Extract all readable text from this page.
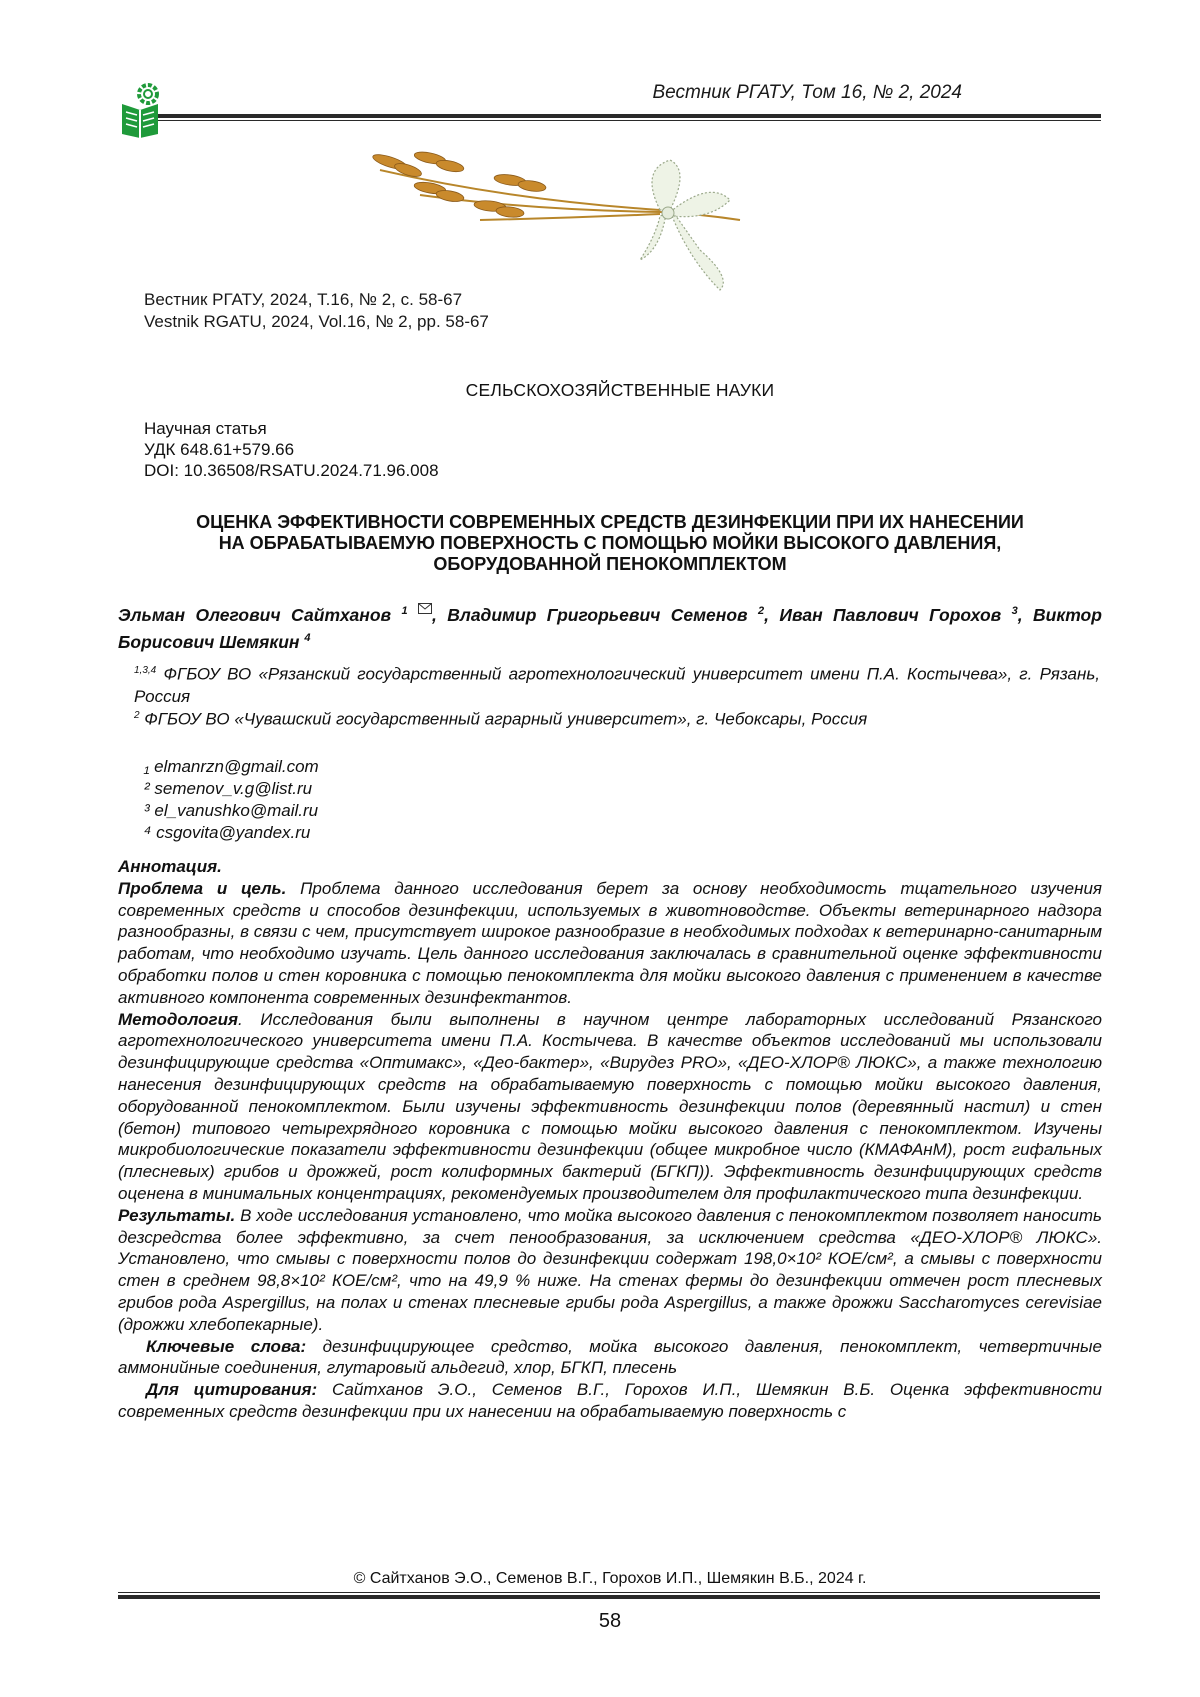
Вестник РГАТУ, Том 16, № 2, 2024
Вестник РГАТУ, 2024, Т.16, № 2, с. 58-67
Vestnik RGATU, 2024, Vol.16, № 2, pp. 58-67
СЕЛЬСКОХОЗЯЙСТВЕННЫЕ НАУКИ
Научная статья
УДК 648.61+579.66
DOI: 10.36508/RSATU.2024.71.96.008
ОЦЕНКА ЭФФЕКТИВНОСТИ СОВРЕМЕННЫХ СРЕДСТВ ДЕЗИНФЕКЦИИ ПРИ ИХ НАНЕСЕНИИ
НА ОБРАБАТЫВАЕМУЮ ПОВЕРХНОСТЬ С ПОМОЩЬЮ МОЙКИ ВЫСОКОГО ДАВЛЕНИЯ,
ОБОРУДОВАННОЙ ПЕНОКОМПЛЕКТОМ
Эльман Олегович Сайтханов $^1$ , Владимир Григорьевич Семенов $^2$, Иван Павлович Горохов $^3$, Виктор Борисович Шемякин $^4$
$^{1,3,4}$ ФГБОУ ВО «Рязанский государственный агротехнологический университет имени П.А. Костычева», г. Рязань, Россия
$^2$ ФГБОУ ВО «Чувашский государственный аграрный университет», г. Чебоксары, Россия
₁ elmanrzn@gmail.com
² semenov_v.g@list.ru
³ el_vanushko@mail.ru
⁴ csgovita@yandex.ru
Аннотация.
Проблема и цель. Проблема данного исследования берет за основу необходимость тщательного изучения современных средств и способов дезинфекции, используемых в животноводстве. Объекты ветеринарного надзора разнообразны, в связи с чем, присутствует широкое разнообразие в необходимых подходах к ветеринарно-санитарным работам, что необходимо изучать. Цель данного исследования заключалась в сравнительной оценке эффективности обработки полов и стен коровника с помощью пенокомплекта для мойки высокого давления с применением в качестве активного компонента современных дезинфектантов.
Методология. Исследования были выполнены в научном центре лабораторных исследований Рязанского агротехнологического университета имени П.А. Костычева. В качестве объектов исследований мы использовали дезинфицирующие средства «Оптимакс», «Део-бактер», «Вирудез PRO», «ДЕО-ХЛОР® ЛЮКС», а также технологию нанесения дезинфицирующих средств на обрабатываемую поверхность с помощью мойки высокого давления, оборудованной пенокомплектом. Были изучены эффективность дезинфекции полов (деревянный настил) и стен (бетон) типового четырехрядного коровника с помощью мойки высокого давления с пенокомплектом. Изучены микробиологические показатели эффективности дезинфекции (общее микробное число (КМАФАнМ), рост гифальных (плесневых) грибов и дрожжей, рост колиформных бактерий (БГКП)). Эффективность дезинфицирующих средств оценена в минимальных концентрациях, рекомендуемых производителем для профилактического типа дезинфекции.
Результаты. В ходе исследования установлено, что мойка высокого давления с пенокомплектом позволяет наносить дезсредства более эффективно, за счет пенообразования, за исключением средства «ДЕО-ХЛОР® ЛЮКС». Установлено, что смывы с поверхности полов до дезинфекции содержат 198,0×10² КОЕ/см², а смывы с поверхности стен в среднем 98,8×10² КОЕ/см², что на 49,9 % ниже. На стенах фермы до дезинфекции отмечен рост плесневых грибов рода Aspergillus, на полах и стенах плесневые грибы рода Aspergillus, а также дрожжи Saccharomyces cerevisiae (дрожжи хлебопекарные).
Ключевые слова: дезинфицирующее средство, мойка высокого давления, пенокомплект, четвертичные аммонийные соединения, глутаровый альдегид, хлор, БГКП, плесень
Для цитирования: Сайтханов Э.О., Семенов В.Г., Горохов И.П., Шемякин В.Б. Оценка эффективности современных средств дезинфекции при их нанесении на обрабатываемую поверхность с
© Сайтханов Э.О., Семенов В.Г., Горохов И.П., Шемякин В.Б., 2024 г.
58
